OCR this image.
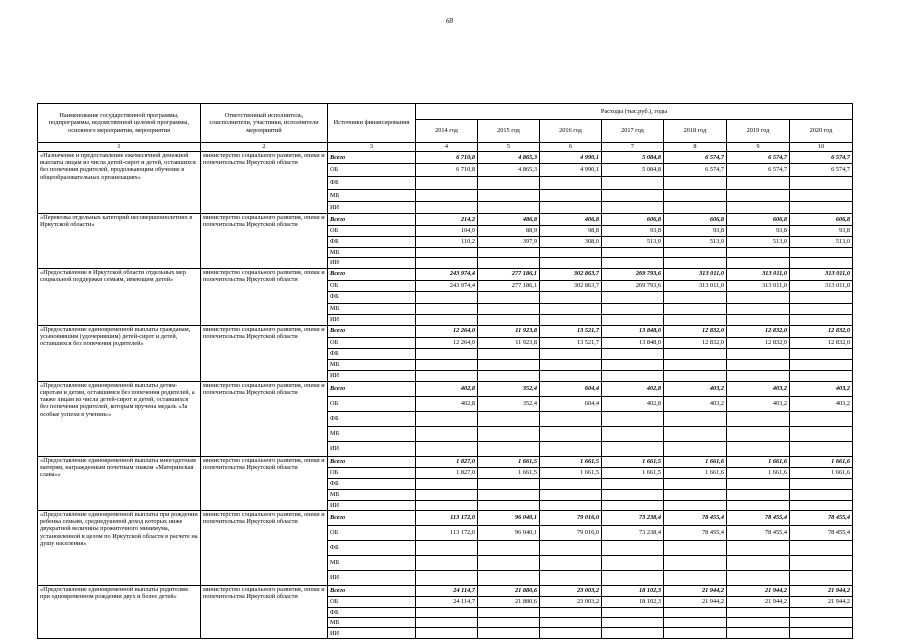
68
Наименование государственной программы, подпрограммы, ведомственной целевой программы, основного мероприятия, мероприятия	Ответственный исполнитель, соисполнители, участники, исполнители мероприятий	Источники финансирования	Расходы (тыс.руб.), годы						
			2014 год	2015 год	2016 год	2017 год	2018 год	2019 год	2020 год
1	2	3	4	5	6	7	8	9	10
«Назначение и предоставление ежемесячной денежной выплаты лицам из числа детей-сирот и детей, оставшихся без попечения родителей, продолжающим обучение в общеобразовательных организациях»	министерство социального развития, опеки и попечительства Иркутской области	Всего	6 710,8	4 865,3	4 990,1	5 084,8	6 574,7	6 574,7	6 574,7
		ОБ	6 710,8	4 865,3	4 990,1	5 084,8	6 574,7	6 574,7	6 574,7
		ФБ							
		МБ							
		ИИ							
«Перевозка отдельных категорий несовершеннолетних в Иркутской области»	министерство социального развития, опеки и попечительства Иркутской области	Всего	214,2	486,8	406,8	606,8	606,8	606,8	606,8
		ОБ	104,0	88,9	98,8	93,8	93,8	93,8	93,8
		ФБ	110,2	397,9	308,0	513,0	513,0	513,0	513,0
		МБ							
		ИИ							
«Предоставление в Иркутской области отдельных мер социальной поддержки семьям, имеющим детей»	министерство социального развития, опеки и попечительства Иркутской области	Всего	243 974,4	277 186,1	302 863,7	269 793,6	313 011,0	313 011,0	313 011,0
		ОБ	243 974,4	277 186,1	302 863,7	269 793,6	313 011,0	313 011,0	313 011,0
		ФБ							
		МБ							
		ИИ							
«Предоставление единовременной выплаты гражданам, усыновившим (удочерившим) детей-сирот и детей, оставшихся без попечения родителей»	министерство социального развития, опеки и попечительства Иркутской области	Всего	12 264,0	11 923,8	13 521,7	13 848,0	12 832,0	12 832,0	12 832,0
		ОБ	12 264,0	11 923,8	13 521,7	13 848,0	12 832,0	12 832,0	12 832,0
		ФБ							
		МБ							
		ИИ							
«Предоставление единовременной выплаты детям-сиротам и детям, оставшимся без попечения родителей, а также лицам из числа детей-сирот и детей, оставшихся без попечения родителей, которым вручена медаль «За особые успехи в учении»»	министерство социального развития, опеки и попечительства Иркутской области	Всего	402,8	352,4	604,4	402,8	403,2	403,2	403,2
		ОБ	402,8	352,4	604,4	402,8	403,2	403,2	403,2
		ФБ							
		МБ							
		ИИ							
«Предоставление единовременной выплаты многодетным матерям, награжденным почетным знаком «Материнская слава»»	министерство социального развития, опеки и попечительства Иркутской области	Всего	1 827,0	1 661,5	1 661,5	1 661,5	1 661,6	1 661,6	1 661,6
		ОБ	1 827,0	1 661,5	1 661,5	1 661,5	1 661,6	1 661,6	1 661,6
		ФБ							
		МБ							
		ИИ							
«Предоставление единовременной выплаты при рождении ребенка семьям, среднедушевой доход которых ниже двукратной величины прожиточного минимума, установленной в целом по Иркутской области в расчете на душу населения»	министерство социального развития, опеки и попечительства Иркутской области	Всего	113 172,0	96 040,1	79 016,0	73 238,4	78 455,4	78 455,4	78 455,4
		ОБ	113 172,0	96 040,1	79 016,0	73 238,4	78 455,4	78 455,4	78 455,4
		ФБ							
		МБ							
		ИИ							
«Предоставление единовременной выплаты родителям при одновременном рождении двух и более детей»	министерство социального развития, опеки и попечительства Иркутской области	Всего	24 114,7	21 880,6	23 003,2	18 102,3	21 944,2	21 944,2	21 944,2
		ОБ	24 114,7	21 880,6	23 003,2	18 102,3	21 944,2	21 944,2	21 944,2
		ФБ							
		МБ							
		ИИ							
